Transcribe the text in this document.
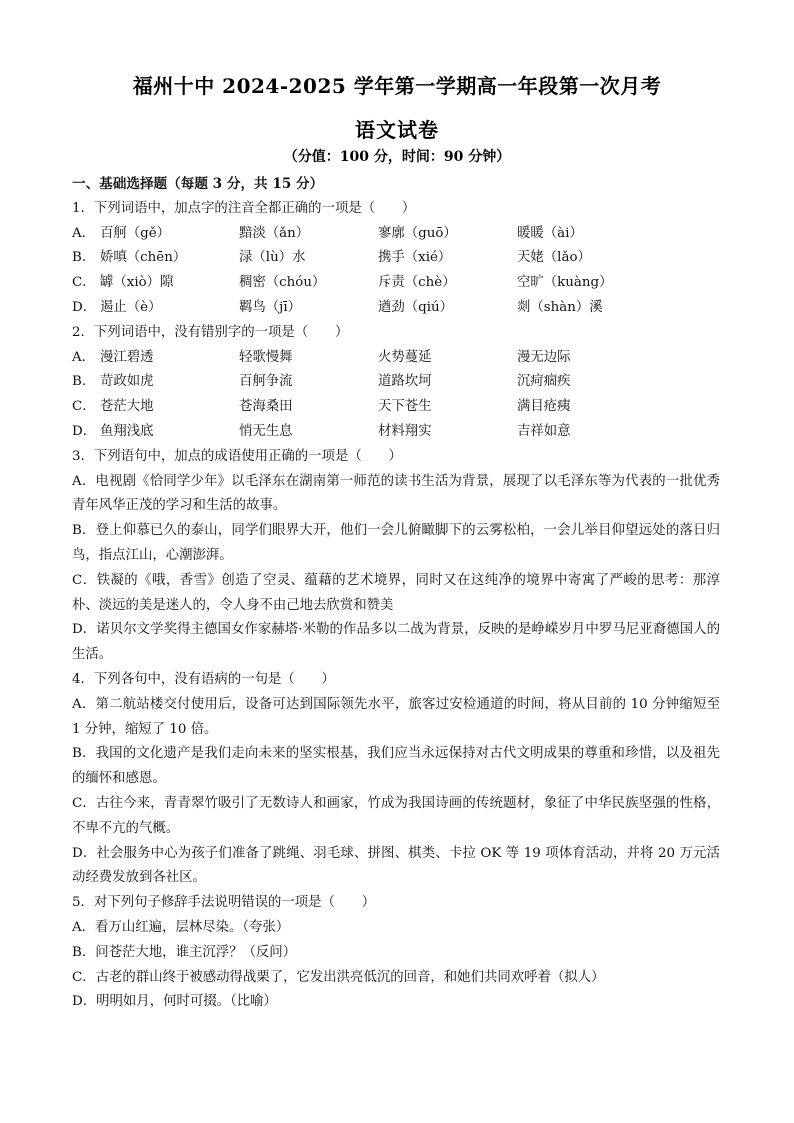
福州十中 2024-2025 学年第一学期高一年段第一次月考
语文试卷
（分值：100 分，时间：90 分钟）
一、基础选择题（每题 3 分，共 15 分）
1．下列词语中，加点字的注音全都正确的一项是（　　）
A． 百舸（gě）	黯淡（ǎn）	寥廓（guō）	暖暖（ài）
B． 娇嗔（chēn）	渌（lù）水	携手（xié）	天姥（lǎo）
C． 罅（xiò）隙	稠密（chóu）	斥责（chè）	空旷（kuàng）
D． 遏止（è）	羁鸟（jī）	遒劲（qiú）	剡（shàn）溪
2．下列词语中，没有错别字的一项是（　　）
A． 漫江碧透	轻歌慢舞	火势蔓延	漫无边际
B． 苛政如虎	百舸争流	道路坎坷	沉疴痼疾
C． 苍茫大地	苍海桑田	天下苍生	满目疮痍
D． 鱼翔浅底	悄无生息	材料翔实	吉祥如意
3．下列语句中，加点的成语使用正确的一项是（　　）
A．电视剧《恰同学少年》以毛泽东在湖南第一师范的读书生活为背景，展现了以毛泽东等为代表的一批优秀青年风华正茂的学习和生活的故事。
B．登上仰慕已久的泰山，同学们眼界大开，他们一会儿俯瞰脚下的云雾松柏，一会儿举目仰望远处的落日归鸟，指点江山，心潮澎湃。
C．铁凝的《哦，香雪》创造了空灵、蕴藉的艺术境界，同时又在这纯净的境界中寄寓了严峻的思考：那淳朴、淡远的美是迷人的，令人身不由己地去欣赏和赞美
D．诺贝尔文学奖得主德国女作家赫塔·米勒的作品多以二战为背景，反映的是峥嵘岁月中罗马尼亚裔德国人的生活。
4．下列各句中，没有语病的一句是（　　）
A．第二航站楼交付使用后，设备可达到国际领先水平，旅客过安检通道的时间，将从目前的 10 分钟缩短至 1 分钟，缩短了 10 倍。
B．我国的文化遗产是我们走向未来的坚实根基，我们应当永远保持对古代文明成果的尊重和珍惜，以及祖先的缅怀和感恩。
C．古往今来，青青翠竹吸引了无数诗人和画家，竹成为我国诗画的传统题材，象征了中华民族坚强的性格，不卑不亢的气概。
D．社会服务中心为孩子们准备了跳绳、羽毛球、拼图、棋类、卡拉 OK 等 19 项体育活动，并将 20 万元活动经费发放到各社区。
5．对下列句子修辞手法说明错误的一项是（　　）
A．看万山红遍，层林尽染。（夸张）
B．问苍茫大地，谁主沉浮？（反问）
C．古老的群山终于被感动得战栗了，它发出洪亮低沉的回音，和她们共同欢呼着（拟人）
D．明明如月，何时可掇。（比喻）
